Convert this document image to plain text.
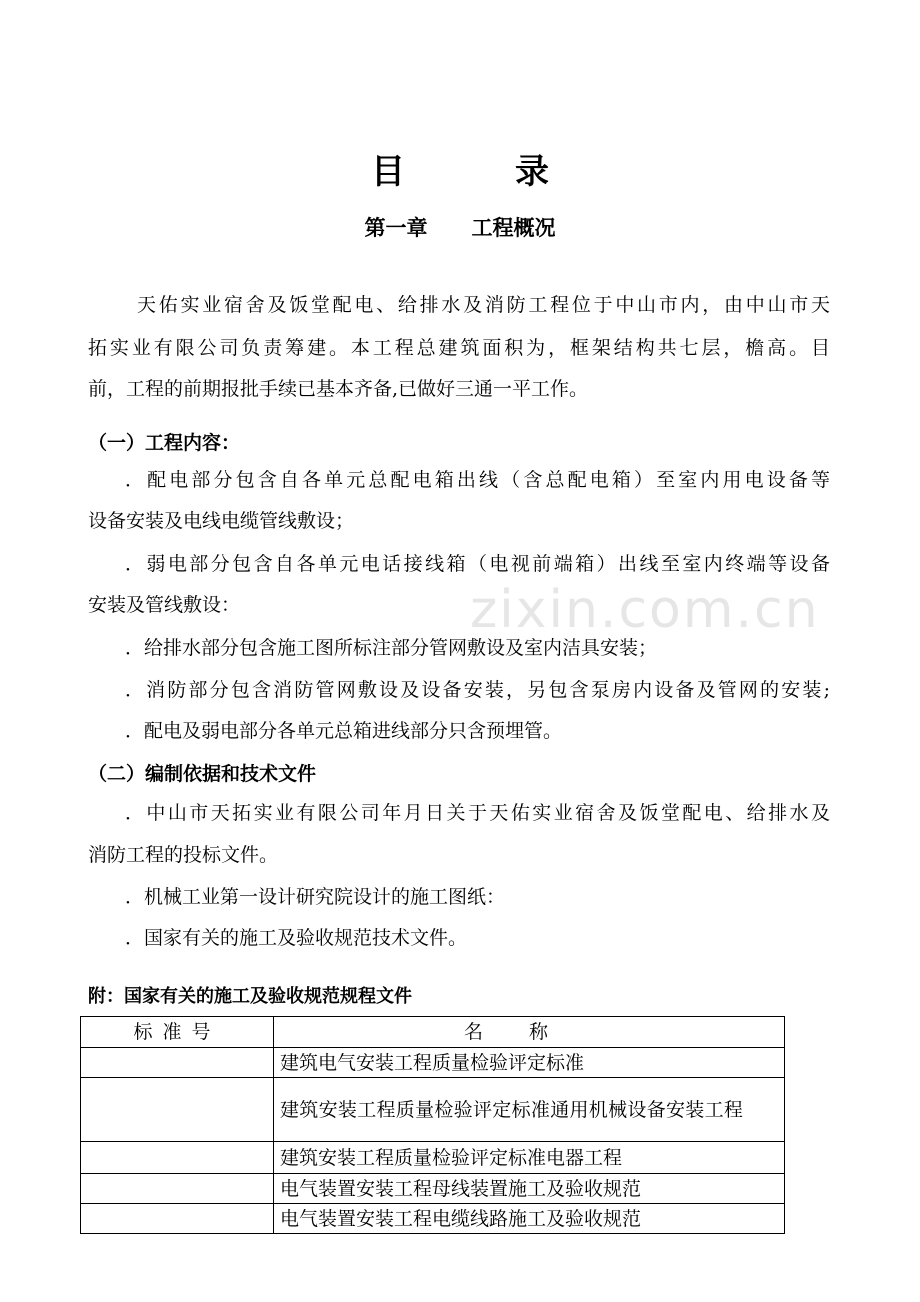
zixin.com.cn
目	录
第一章 工程概况
天佑实业宿舍及饭堂配电、给排水及消防工程位于中山市内，由中山市天
拓实业有限公司负责筹建。本工程总建筑面积为，框架结构共七层，檐高。目
前，工程的前期报批手续已基本齐备,已做好三通一平工作。
（一）工程内容：
．配电部分包含自各单元总配电箱出线（含总配电箱）至室内用电设备等
设备安装及电线电缆管线敷设；
．弱电部分包含自各单元电话接线箱（电视前端箱）出线至室内终端等设备
安装及管线敷设：
．给排水部分包含施工图所标注部分管网敷设及室内洁具安装；
．消防部分包含消防管网敷设及设备安装，另包含泵房内设备及管网的安装;
．配电及弱电部分各单元总箱进线部分只含预埋管。
（二）编制依据和技术文件
．中山市天拓实业有限公司年月日关于天佑实业宿舍及饭堂配电、给排水及
消防工程的投标文件。
．机械工业第一设计研究院设计的施工图纸：
．国家有关的施工及验收规范技术文件。
附：国家有关的施工及验收规范规程文件
标准号	名称
	建筑电气安装工程质量检验评定标准
	建筑安装工程质量检验评定标准通用机械设备安装工程
	建筑安装工程质量检验评定标准电器工程
	电气装置安装工程母线装置施工及验收规范
	电气装置安装工程电缆线路施工及验收规范
